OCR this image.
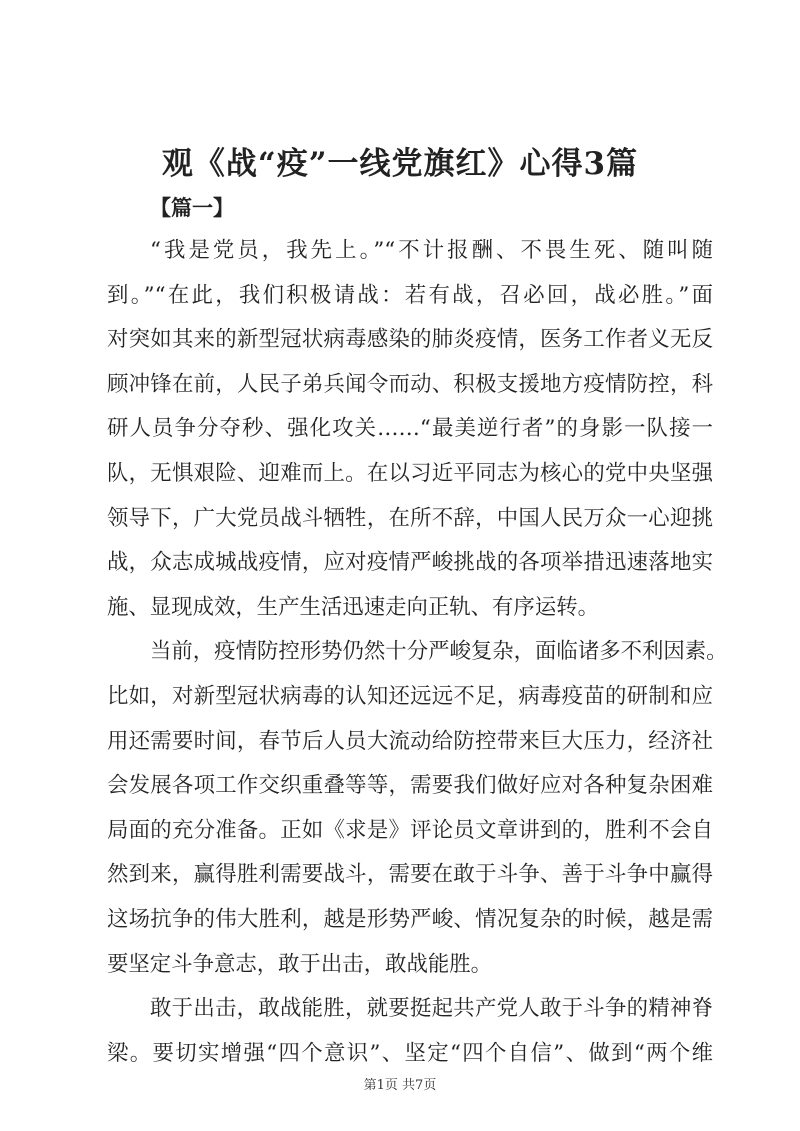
观《战“疫”一线党旗红》心得3篇
【篇一】
“我是党员，我先上。”“不计报酬、不畏生死、随叫随
到。”“在此，我们积极请战：若有战，召必回，战必胜。”面
对突如其来的新型冠状病毒感染的肺炎疫情，医务工作者义无反
顾冲锋在前，人民子弟兵闻令而动、积极支援地方疫情防控，科
研人员争分夺秒、强化攻关……“最美逆行者”的身影一队接一
队，无惧艰险、迎难而上。在以习近平同志为核心的党中央坚强
领导下，广大党员战斗牺牲，在所不辞，中国人民万众一心迎挑
战，众志成城战疫情，应对疫情严峻挑战的各项举措迅速落地实
施、显现成效，生产生活迅速走向正轨、有序运转。
当前，疫情防控形势仍然十分严峻复杂，面临诸多不利因素。
比如，对新型冠状病毒的认知还远远不足，病毒疫苗的研制和应
用还需要时间，春节后人员大流动给防控带来巨大压力，经济社
会发展各项工作交织重叠等等，需要我们做好应对各种复杂困难
局面的充分准备。正如《求是》评论员文章讲到的，胜利不会自
然到来，赢得胜利需要战斗，需要在敢于斗争、善于斗争中赢得
这场抗争的伟大胜利，越是形势严峻、情况复杂的时候，越是需
要坚定斗争意志，敢于出击，敢战能胜。
敢于出击，敢战能胜，就要挺起共产党人敢于斗争的精神脊
梁。要切实增强“四个意识”、坚定“四个自信”、做到“两个维
第1页 共7页
